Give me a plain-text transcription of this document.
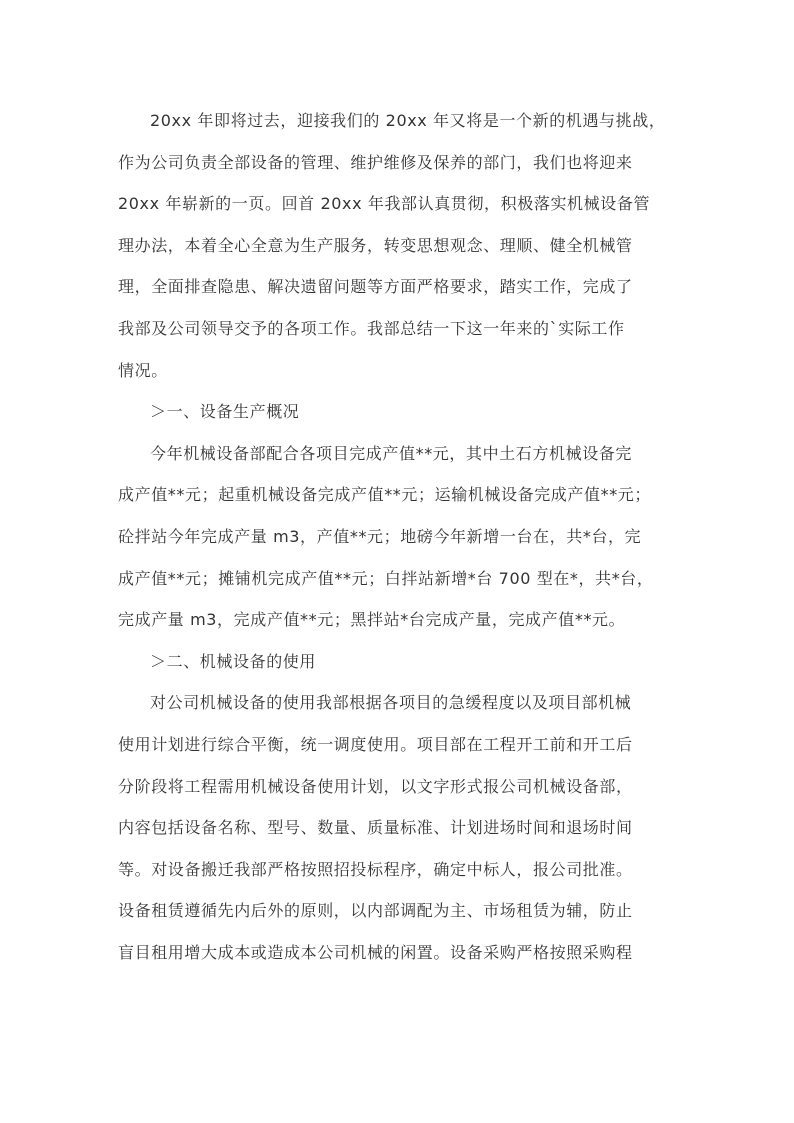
20xx 年即将过去，迎接我们的 20xx 年又将是一个新的机遇与挑战，
作为公司负责全部设备的管理、维护维修及保养的部门，我们也将迎来
20xx 年崭新的一页。回首 20xx 年我部认真贯彻，积极落实机械设备管
理办法，本着全心全意为生产服务，转变思想观念、理顺、健全机械管
理，全面排查隐患、解决遗留问题等方面严格要求，踏实工作，完成了
我部及公司领导交予的各项工作。我部总结一下这一年来的`实际工作
情况。
＞一、设备生产概况
今年机械设备部配合各项目完成产值**元，其中土石方机械设备完
成产值**元；起重机械设备完成产值**元；运输机械设备完成产值**元；
砼拌站今年完成产量 m3，产值**元；地磅今年新增一台在，共*台，完
成产值**元；摊铺机完成产值**元；白拌站新增*台 700 型在*，共*台，
完成产量 m3，完成产值**元；黑拌站*台完成产量，完成产值**元。
＞二、机械设备的使用
对公司机械设备的使用我部根据各项目的急缓程度以及项目部机械
使用计划进行综合平衡，统一调度使用。项目部在工程开工前和开工后
分阶段将工程需用机械设备使用计划，以文字形式报公司机械设备部，
内容包括设备名称、型号、数量、质量标准、计划进场时间和退场时间
等。对设备搬迁我部严格按照招投标程序，确定中标人，报公司批准。
设备租赁遵循先内后外的原则，以内部调配为主、市场租赁为辅，防止
盲目租用增大成本或造成本公司机械的闲置。设备采购严格按照采购程
